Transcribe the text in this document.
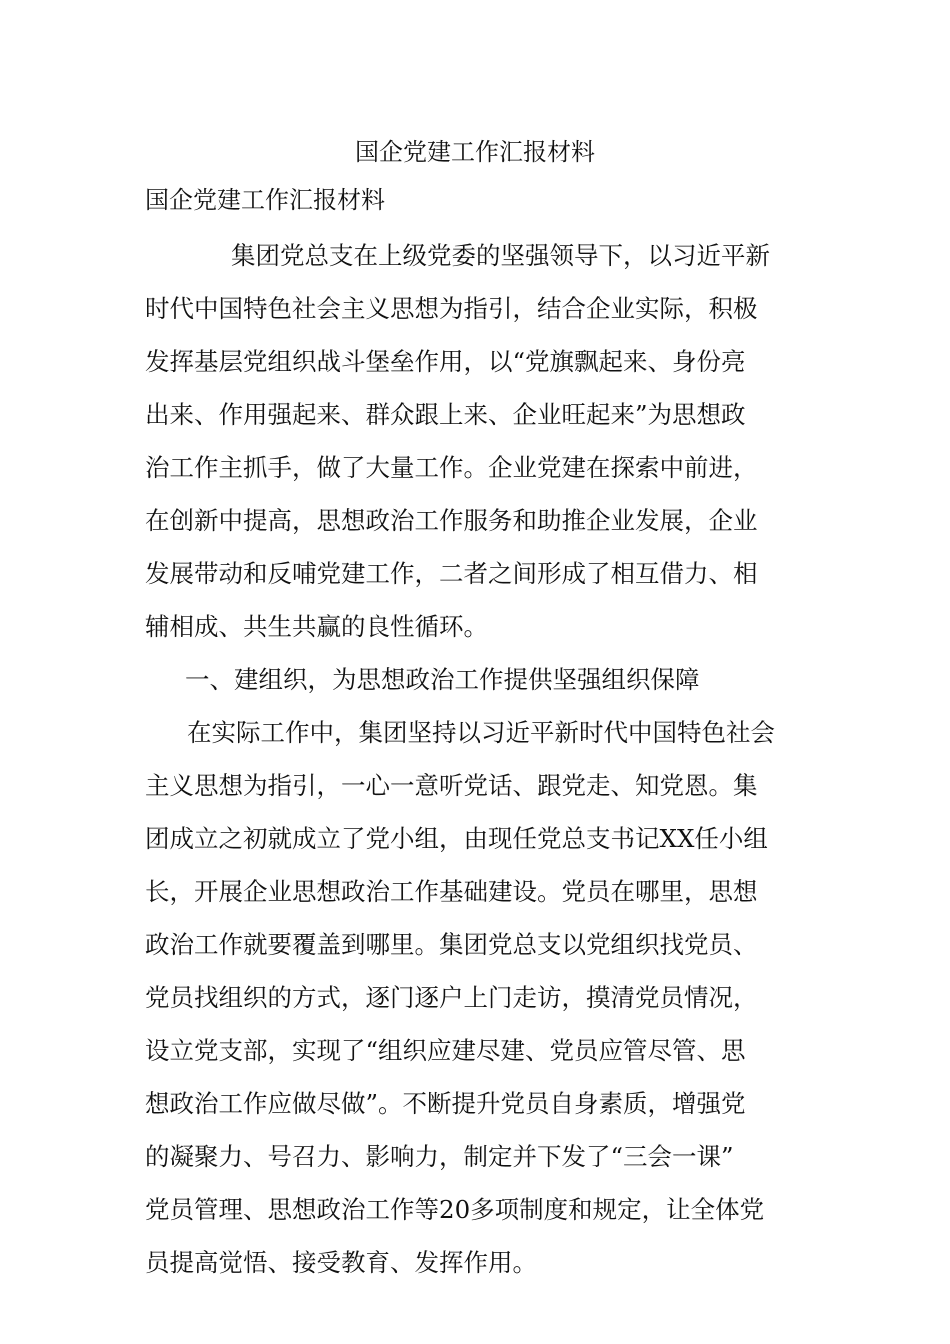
国企党建工作汇报材料
国企党建工作汇报材料
集团党总支在上级党委的坚强领导下，以习近平新
时代中国特色社会主义思想为指引，结合企业实际，积极
发挥基层党组织战斗堡垒作用，以“党旗飘起来、身份亮
出来、作用强起来、群众跟上来、企业旺起来”为思想政
治工作主抓手，做了大量工作。企业党建在探索中前进，
在创新中提高，思想政治工作服务和助推企业发展，企业
发展带动和反哺党建工作，二者之间形成了相互借力、相
辅相成、共生共赢的良性循环。
一、建组织，为思想政治工作提供坚强组织保障
在实际工作中，集团坚持以习近平新时代中国特色社会
主义思想为指引，一心一意听党话、跟党走、知党恩。集
团成立之初就成立了党小组，由现任党总支书记XX任小组
长，开展企业思想政治工作基础建设。党员在哪里，思想
政治工作就要覆盖到哪里。集团党总支以党组织找党员、
党员找组织的方式，逐门逐户上门走访，摸清党员情况，
设立党支部，实现了“组织应建尽建、党员应管尽管、思
想政治工作应做尽做”。不断提升党员自身素质，增强党
的凝聚力、号召力、影响力，制定并下发了“三会一课”
党员管理、思想政治工作等20多项制度和规定，让全体党
员提高觉悟、接受教育、发挥作用。
